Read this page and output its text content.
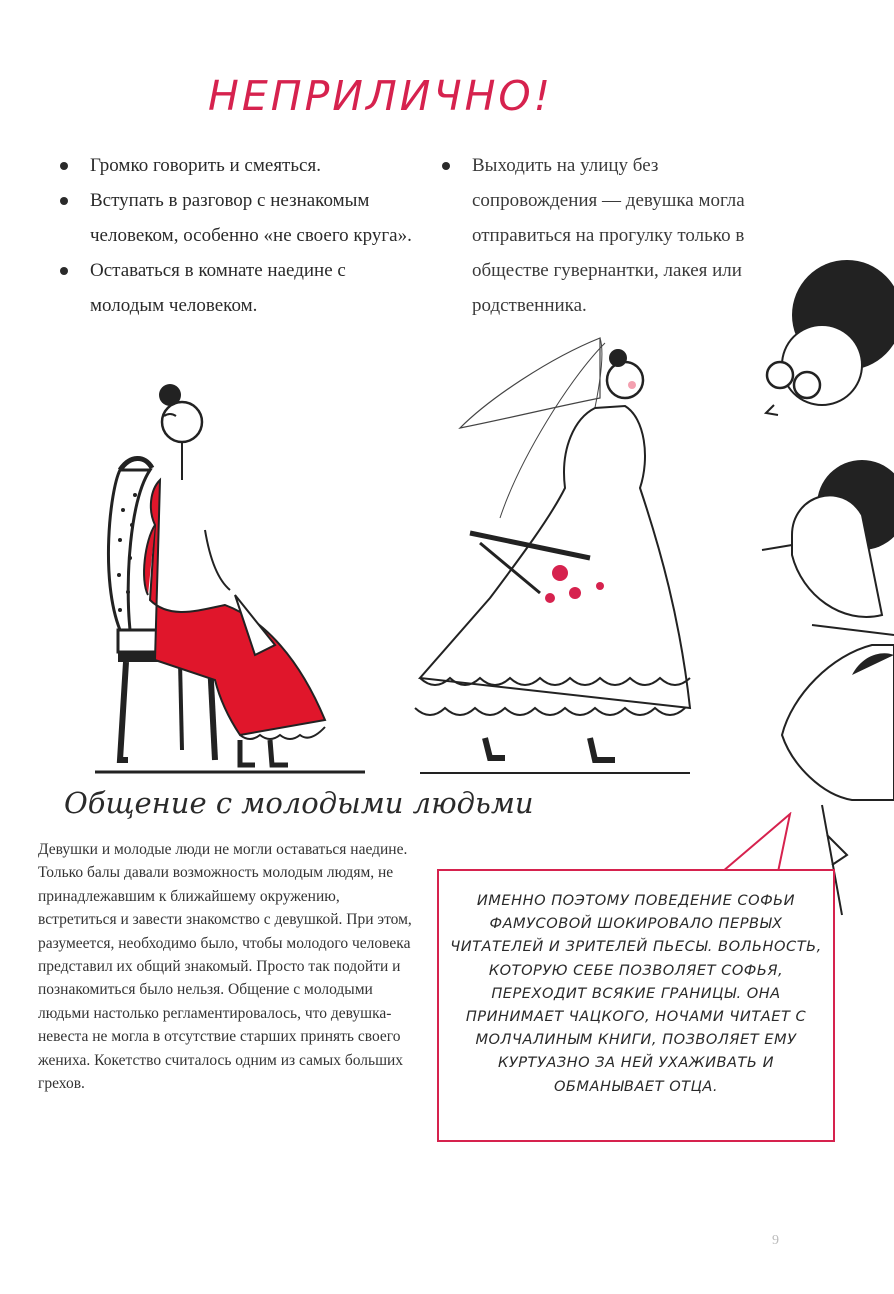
НЕПРИЛИЧНО!
Громко говорить и смеяться.
Вступать в разговор с незнакомым человеком, особенно «не своего круга».
Оставаться в комнате наедине с молодым человеком.
Выходить на улицу без сопровождения — девушка могла отправиться на прогулку только в обществе гувернантки, лакея или родственника.
Общение с молодыми людьми

Девушки и молодые люди не могли оставаться наедине. Только балы давали возможность молодым людям, не принадлежавшим к ближайшему окружению, встретиться и завести знакомство с девушкой. При этом, разумеется, необходимо было, чтобы молодого человека представил их общий знакомый. Просто так подойти и познакомиться было нельзя. Общение с молодыми людьми настолько регламентировалось, что девушка-невеста не могла в отсутствие старших принять своего жениха. Кокетство считалось одним из самых больших грехов.

ИМЕННО ПОЭТОМУ ПОВЕДЕНИЕ СОФЬИ ФАМУСОВОЙ ШОКИРОВАЛО ПЕРВЫХ ЧИТАТЕЛЕЙ И ЗРИТЕЛЕЙ ПЬЕСЫ. ВОЛЬНОСТЬ, КОТОРУЮ СЕБЕ ПОЗВОЛЯЕТ СОФЬЯ, ПЕРЕХОДИТ ВСЯКИЕ ГРАНИЦЫ. ОНА ПРИНИМАЕТ ЧАЦКОГО, НОЧАМИ ЧИТАЕТ С МОЛЧАЛИНЫМ КНИГИ, ПОЗВОЛЯЕТ ЕМУ КУРТУАЗНО ЗА НЕЙ УХАЖИВАТЬ И ОБМАНЫВАЕТ ОТЦА.

9
